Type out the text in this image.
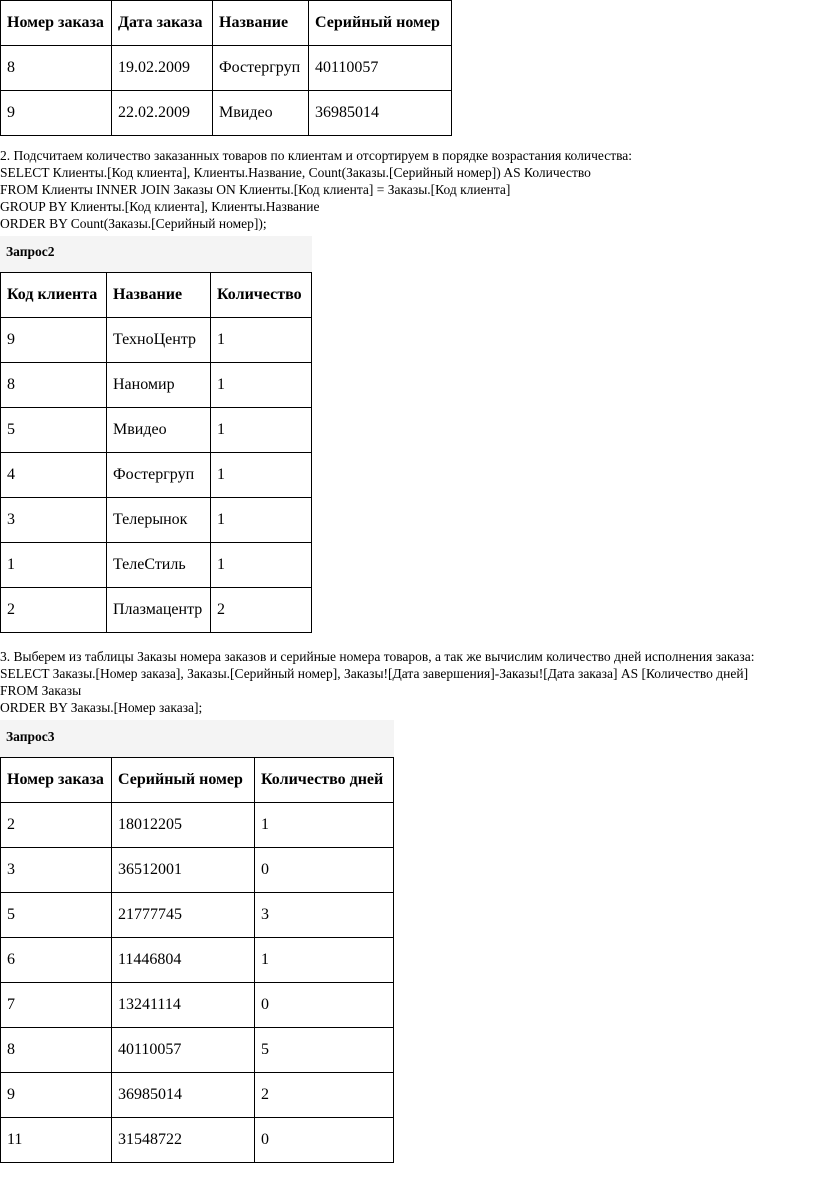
Номер заказа	Дата заказа	Название	Серийный номер
8	19.02.2009	Фостергруп	40110057
9	22.02.2009	Мвидео	36985014
2. Подсчитаем количество заказанных товаров по клиентам и отсортируем в порядке возрастания количества:
SELECT Клиенты.[Код клиента], Клиенты.Название, Count(Заказы.[Серийный номер]) AS Количество
FROM Клиенты INNER JOIN Заказы ON Клиенты.[Код клиента] = Заказы.[Код клиента]
GROUP BY Клиенты.[Код клиента], Клиенты.Название
ORDER BY Count(Заказы.[Серийный номер]);
Запрос2
Код клиента	Название	Количество
9	ТехноЦентр	1
8	Наномир	1
5	Мвидео	1
4	Фостергруп	1
3	Телерынок	1
1	ТелеСтиль	1
2	Плазмацентр	2
3. Выберем из таблицы Заказы номера заказов и серийные номера товаров, а так же вычислим количество дней исполнения заказа:
SELECT Заказы.[Номер заказа], Заказы.[Серийный номер], Заказы![Дата завершения]-Заказы![Дата заказа] AS [Количество дней]
FROM Заказы
ORDER BY Заказы.[Номер заказа];
Запрос3
Номер заказа	Серийный номер	Количество дней
2	18012205	1
3	36512001	0
5	21777745	3
6	11446804	1
7	13241114	0
8	40110057	5
9	36985014	2
11	31548722	0
